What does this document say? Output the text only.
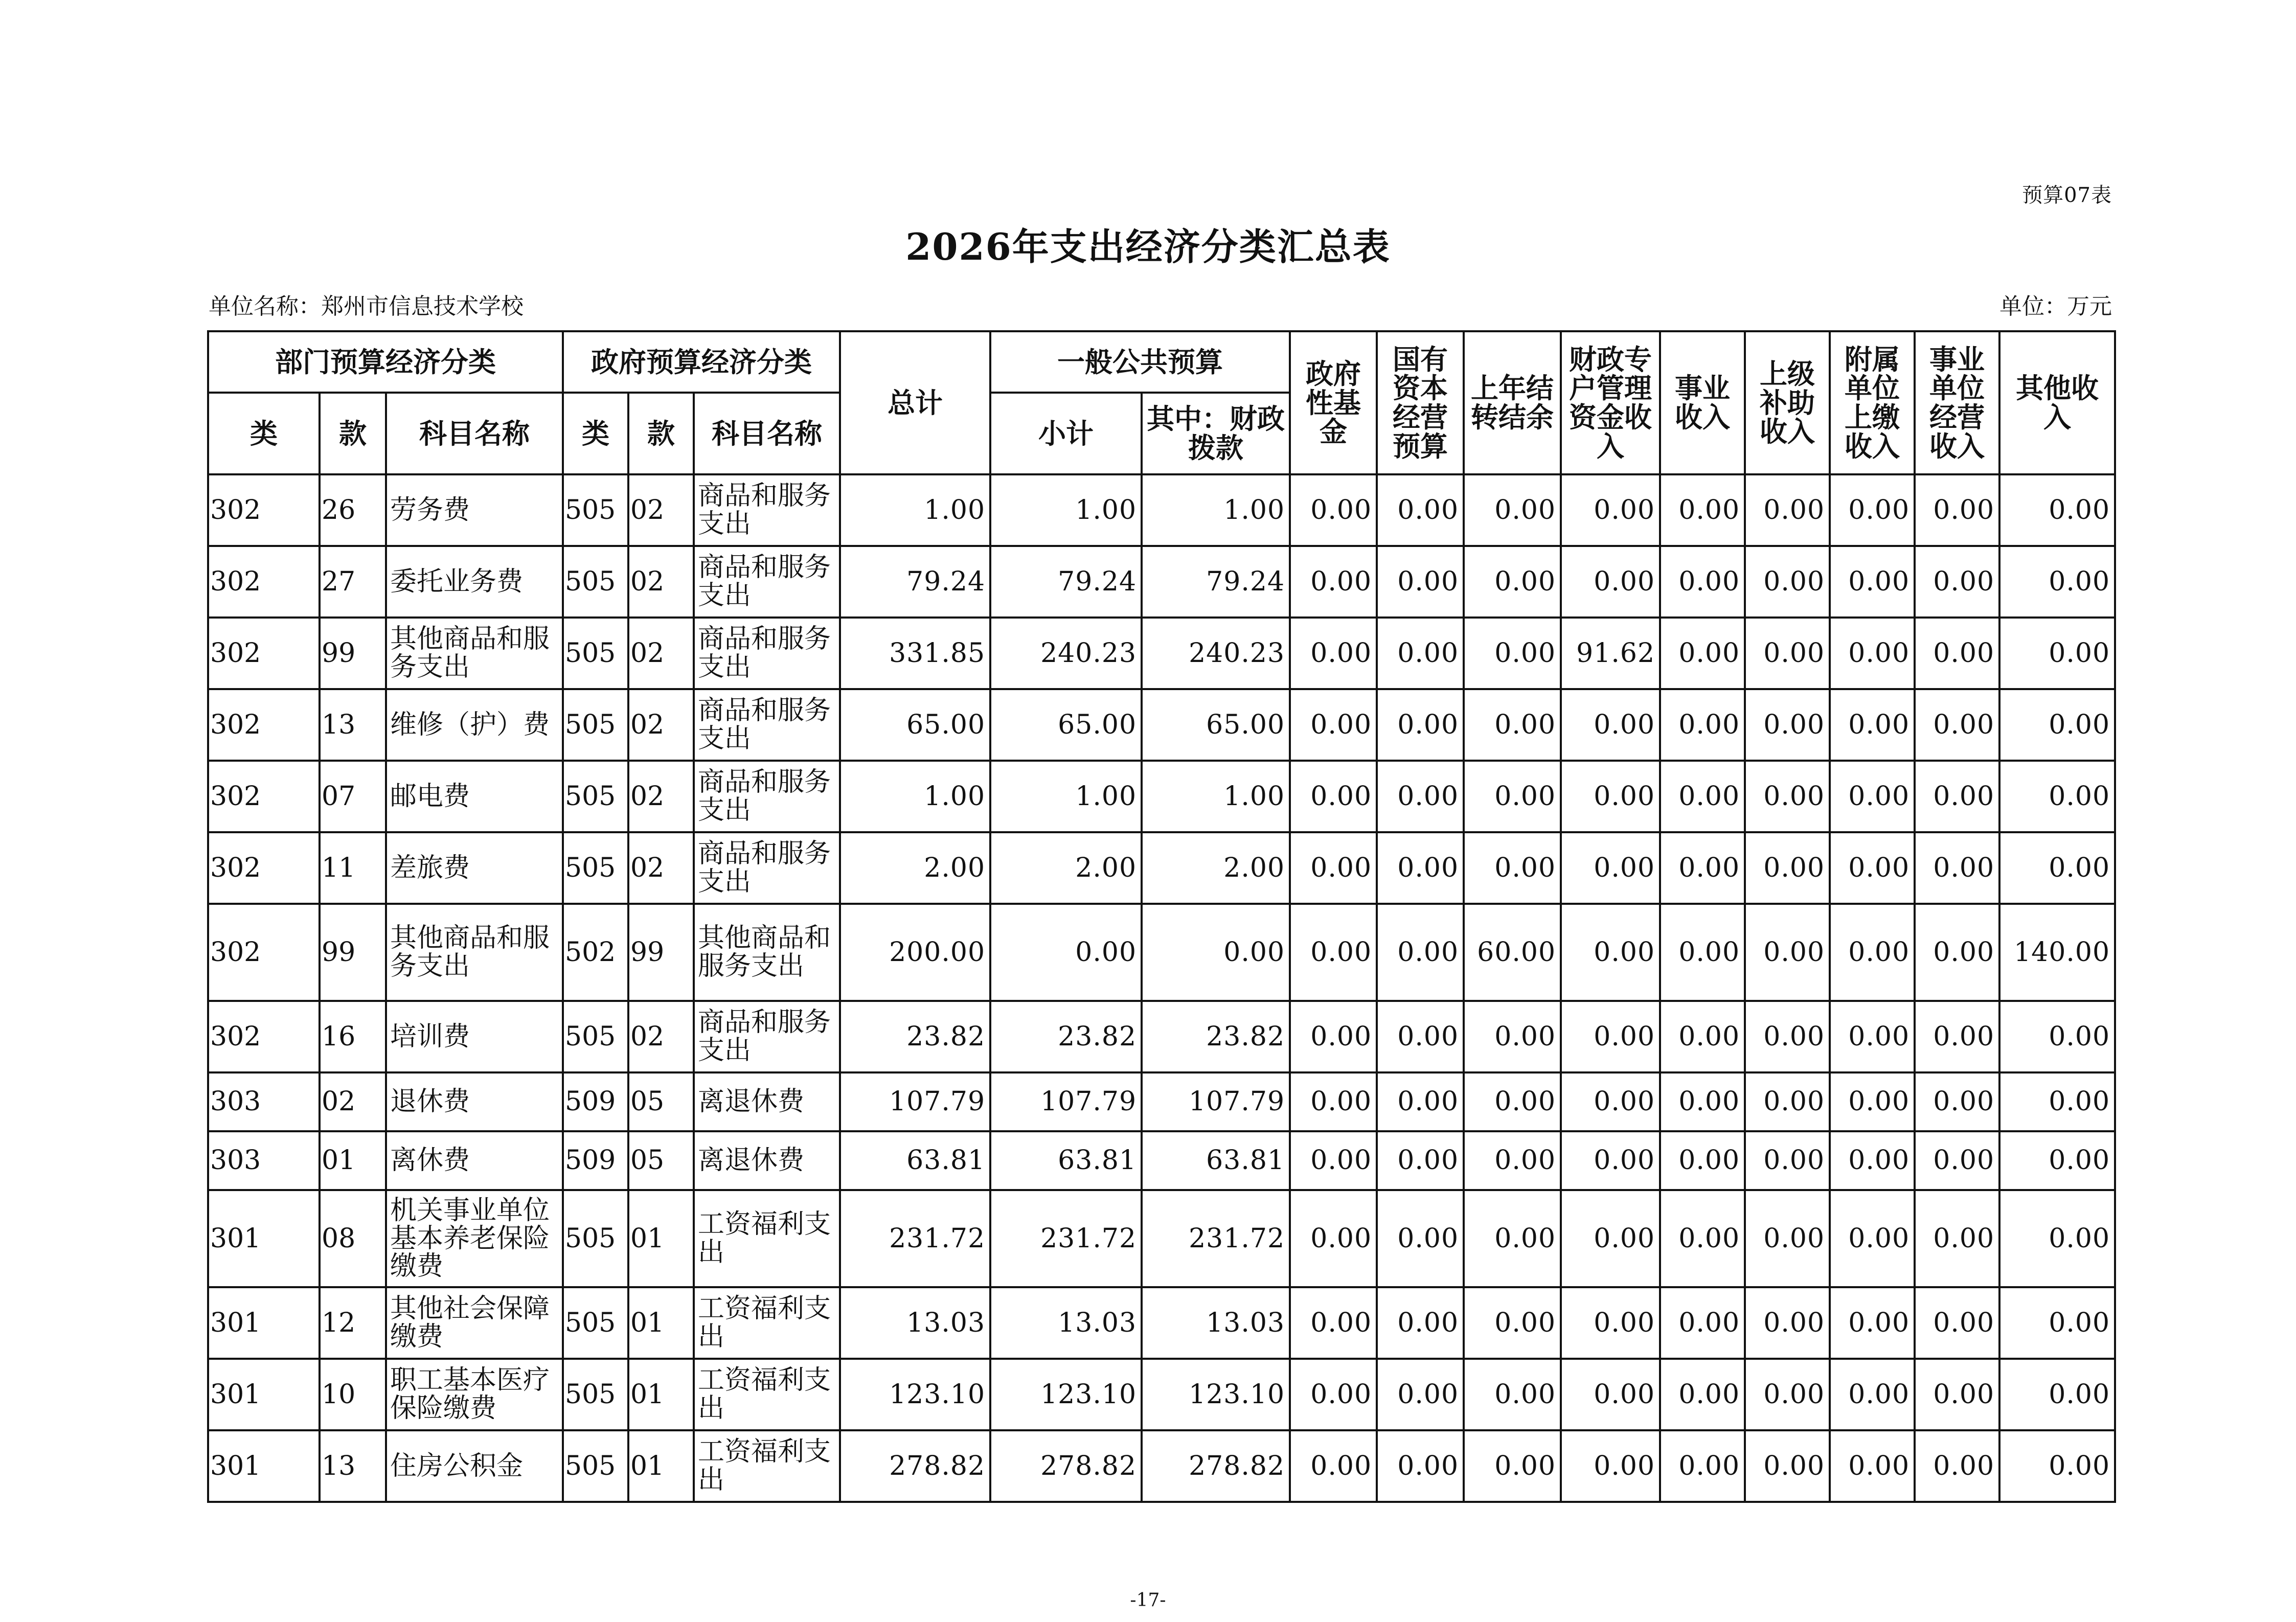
预算07表
2026年支出经济分类汇总表
单位名称：郑州市信息技术学校	单位：万元
部门预算经济分类			政府预算经济分类			总计	一般公共预算		政府性基金	国有资本经营预算	上年结转结余	财政专户管理资金收入	事业收入	上级补助收入	附属单位上缴收入	事业单位经营收入	其他收入
类	款	科目名称	类	款	科目名称		小计	其中：财政拨款									
302	26	劳务费	505	02	商品和服务支出	1.00	1.00	1.00	0.00	0.00	0.00	0.00	0.00	0.00	0.00	0.00	0.00
302	27	委托业务费	505	02	商品和服务支出	79.24	79.24	79.24	0.00	0.00	0.00	0.00	0.00	0.00	0.00	0.00	0.00
302	99	其他商品和服务支出	505	02	商品和服务支出	331.85	240.23	240.23	0.00	0.00	0.00	91.62	0.00	0.00	0.00	0.00	0.00
302	13	维修（护）费	505	02	商品和服务支出	65.00	65.00	65.00	0.00	0.00	0.00	0.00	0.00	0.00	0.00	0.00	0.00
302	07	邮电费	505	02	商品和服务支出	1.00	1.00	1.00	0.00	0.00	0.00	0.00	0.00	0.00	0.00	0.00	0.00
302	11	差旅费	505	02	商品和服务支出	2.00	2.00	2.00	0.00	0.00	0.00	0.00	0.00	0.00	0.00	0.00	0.00
302	99	其他商品和服务支出	502	99	其他商品和服务支出	200.00	0.00	0.00	0.00	0.00	60.00	0.00	0.00	0.00	0.00	0.00	140.00
302	16	培训费	505	02	商品和服务支出	23.82	23.82	23.82	0.00	0.00	0.00	0.00	0.00	0.00	0.00	0.00	0.00
303	02	退休费	509	05	离退休费	107.79	107.79	107.79	0.00	0.00	0.00	0.00	0.00	0.00	0.00	0.00	0.00
303	01	离休费	509	05	离退休费	63.81	63.81	63.81	0.00	0.00	0.00	0.00	0.00	0.00	0.00	0.00	0.00
301	08	机关事业单位基本养老保险缴费	505	01	工资福利支出	231.72	231.72	231.72	0.00	0.00	0.00	0.00	0.00	0.00	0.00	0.00	0.00
301	12	其他社会保障缴费	505	01	工资福利支出	13.03	13.03	13.03	0.00	0.00	0.00	0.00	0.00	0.00	0.00	0.00	0.00
301	10	职工基本医疗保险缴费	505	01	工资福利支出	123.10	123.10	123.10	0.00	0.00	0.00	0.00	0.00	0.00	0.00	0.00	0.00
301	13	住房公积金	505	01	工资福利支出	278.82	278.82	278.82	0.00	0.00	0.00	0.00	0.00	0.00	0.00	0.00	0.00
-17-
